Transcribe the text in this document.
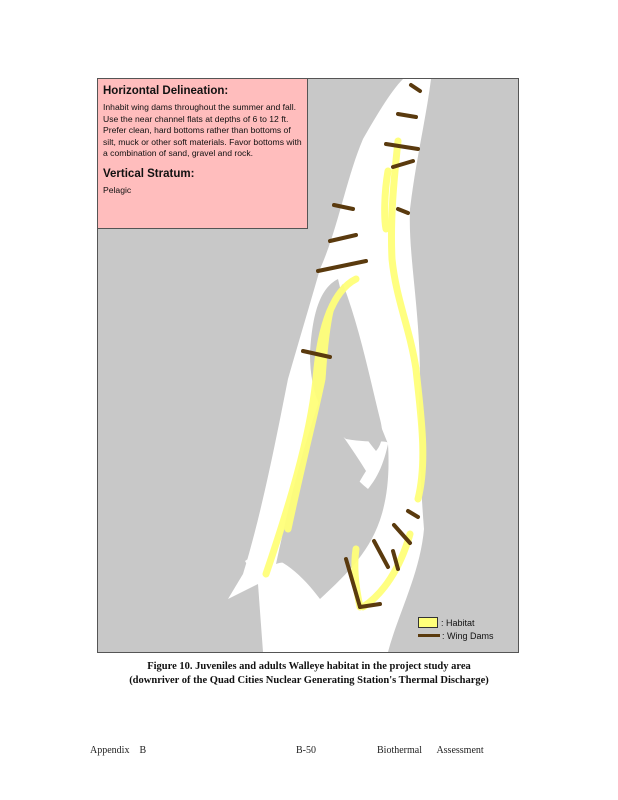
Horizontal Delineation:
Inhabit wing dams throughout the summer and fall. Use the near channel flats at depths of 6 to 12 ft. Prefer clean, hard bottoms rather than bottoms of silt, muck or other soft materials. Favor bottoms with a combination of sand, gravel and rock.
Vertical Stratum:
Pelagic
: Habitat
: Wing Dams
Figure 10. Juveniles and adults Walleye habitat in the project study area
(downriver of the Quad Cities Nuclear Generating Station's Thermal Discharge)
Appendix    B	B-50	Biothermal      Assessment
